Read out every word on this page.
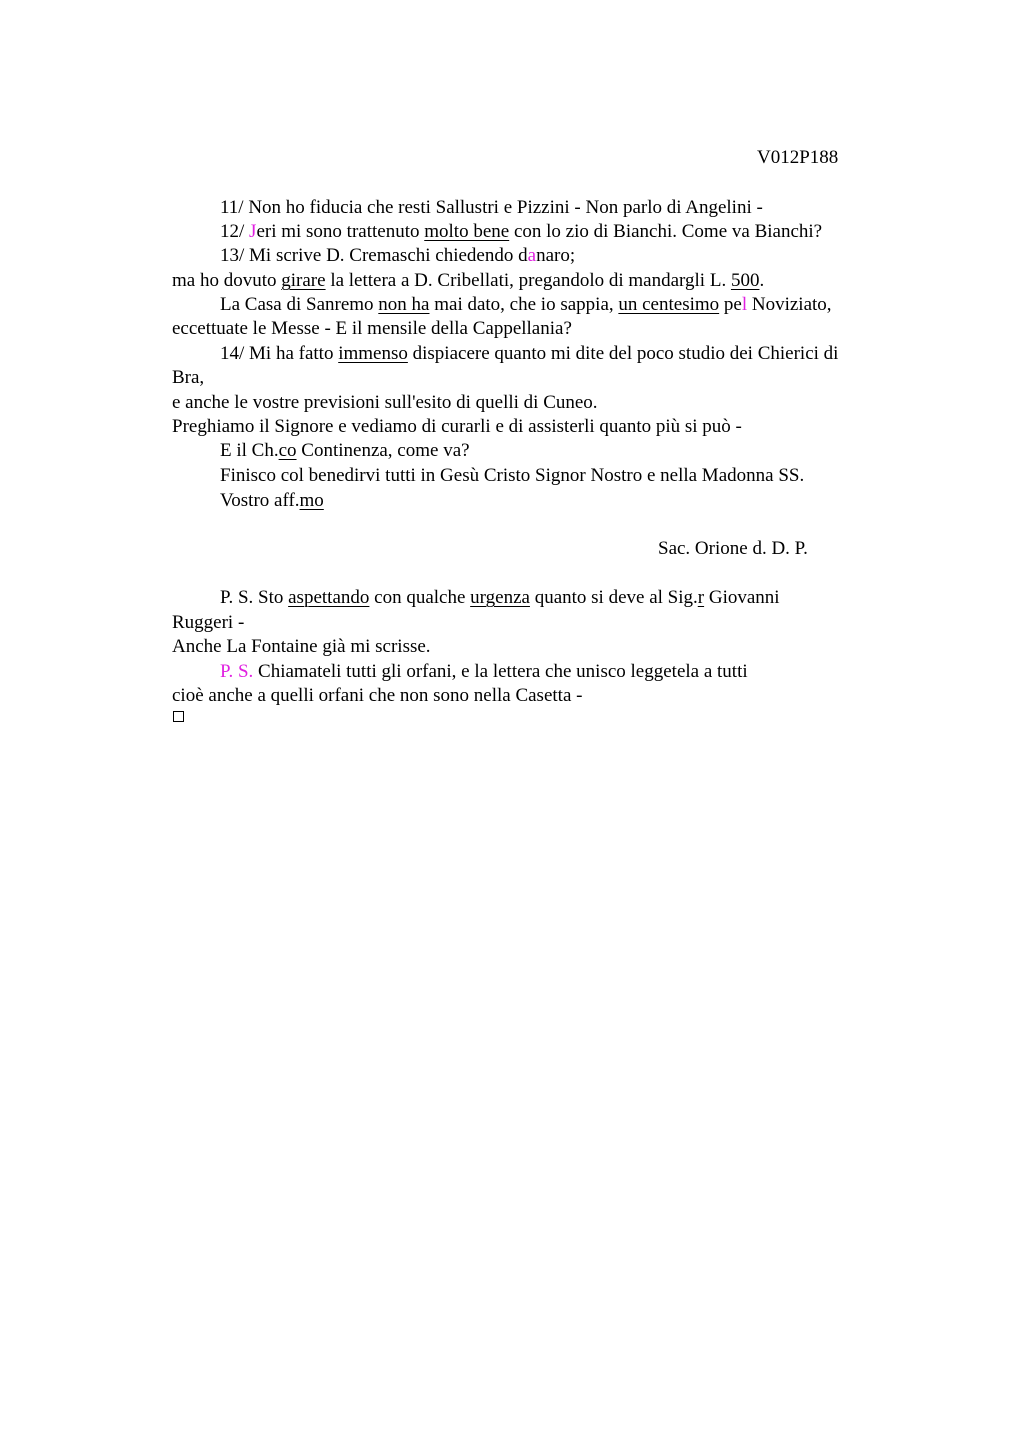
V012P188
11/ Non ho fiducia che resti Sallustri e Pizzini - Non parlo di Angelini -
12/ Jeri mi sono trattenuto molto bene con lo zio di Bianchi. Come va Bianchi?
13/ Mi scrive D. Cremaschi chiedendo danaro;
ma ho dovuto girare la lettera a D. Cribellati, pregandolo di mandargli L. 500.
La Casa di Sanremo non ha mai dato, che io sappia, un centesimo pel Noviziato,
eccettuate le Messe - E il mensile della Cappellania?
14/ Mi ha fatto immenso dispiacere quanto mi dite del poco studio dei Chierici di
Bra,
e anche le vostre previsioni sull'esito di quelli di Cuneo.
Preghiamo il Signore e vediamo di curarli e di assisterli quanto più si può -
E il Ch.co Continenza, come va?
Finisco col benedirvi tutti in Gesù Cristo Signor Nostro e nella Madonna SS.
Vostro aff.mo
Sac. Orione d. D. P.
P. S. Sto aspettando con qualche urgenza quanto si deve al Sig.r Giovanni
Ruggeri -
Anche La Fontaine già mi scrisse.
P. S. Chiamateli tutti gli orfani, e la lettera che unisco leggetela a tutti
cioè anche a quelli orfani che non sono nella Casetta -
